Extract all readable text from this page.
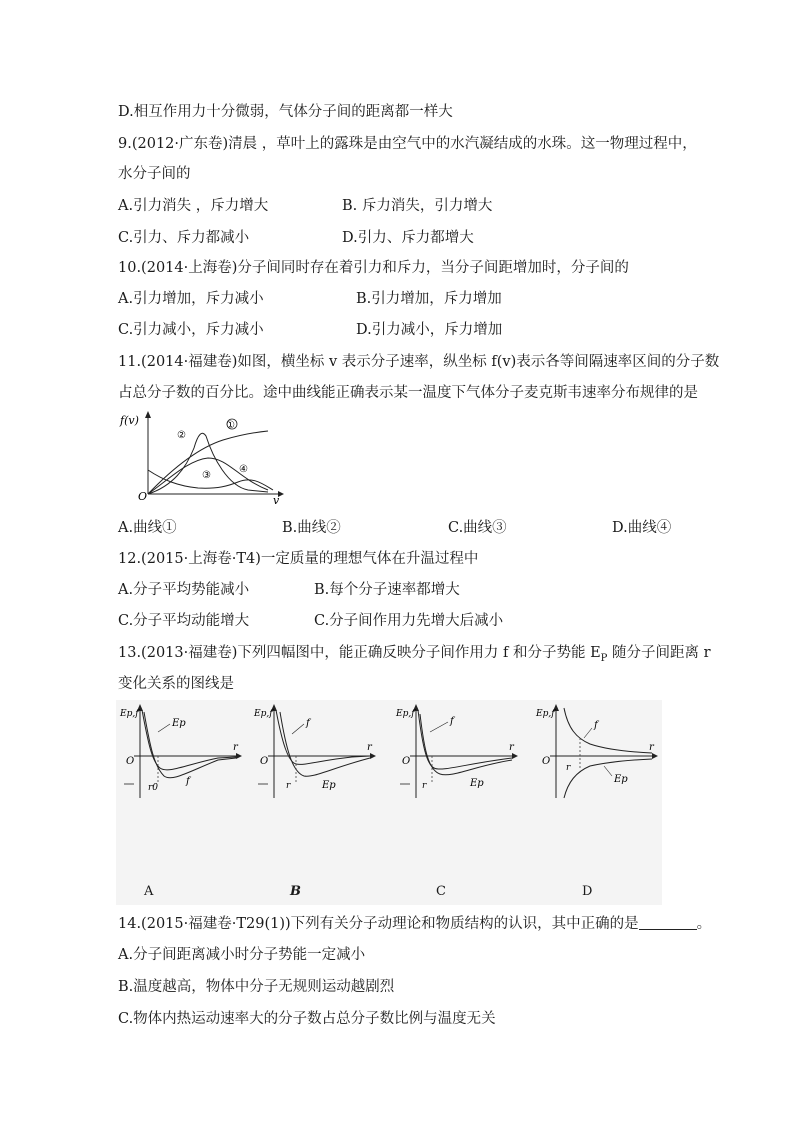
D.相互作用力十分微弱，气体分子间的距离都一样大
9.(2012·广东卷)清晨 ，草叶上的露珠是由空气中的水汽凝结成的水珠。这一物理过程中，
水分子间的
A.引力消失 ，斥力增大	B. 斥力消失，引力增大
C.引力、斥力都减小	D.引力、斥力都增大
10.(2014·上海卷)分子间同时存在着引力和斥力，当分子间距增加时，分子间的
A.引力增加，斥力减小	B.引力增加，斥力增加
C.引力减小，斥力减小	D.引力减小，斥力增加
11.(2014·福建卷)如图，横坐标 v 表示分子速率，纵坐标 f(v)表示各等间隔速率区间的分子数
占总分子数的百分比。途中曲线能正确表示某一温度下气体分子麦克斯韦速率分布规律的是
f(v)
v
O
①
②
③
④
A.曲线①	B.曲线②	C.曲线③	D.曲线④
12.(2015·上海卷·T4)一定质量的理想气体在升温过程中
A.分子平均势能减小	B.每个分子速率都增大
C.分子平均动能增大	C.分子间作用力先增大后减小
13.(2013·福建卷)下列四幅图中，能正确反映分子间作用力 f 和分子势能 $E_P$ 随分子间距离 r
变化关系的图线是
Ep,f
O
r
Ep
f
r0
Ep,f
O
r
f
Ep
r
Ep,f
O
r
f
Ep
r
Ep,f
O
r
f
Ep
r
A	B	C	D
14.(2015·福建卷·T29(1))下列有关分子动理论和物质结构的认识，其中正确的是	。
A.分子间距离减小时分子势能一定减小
B.温度越高，物体中分子无规则运动越剧烈
C.物体内热运动速率大的分子数占总分子数比例与温度无关
